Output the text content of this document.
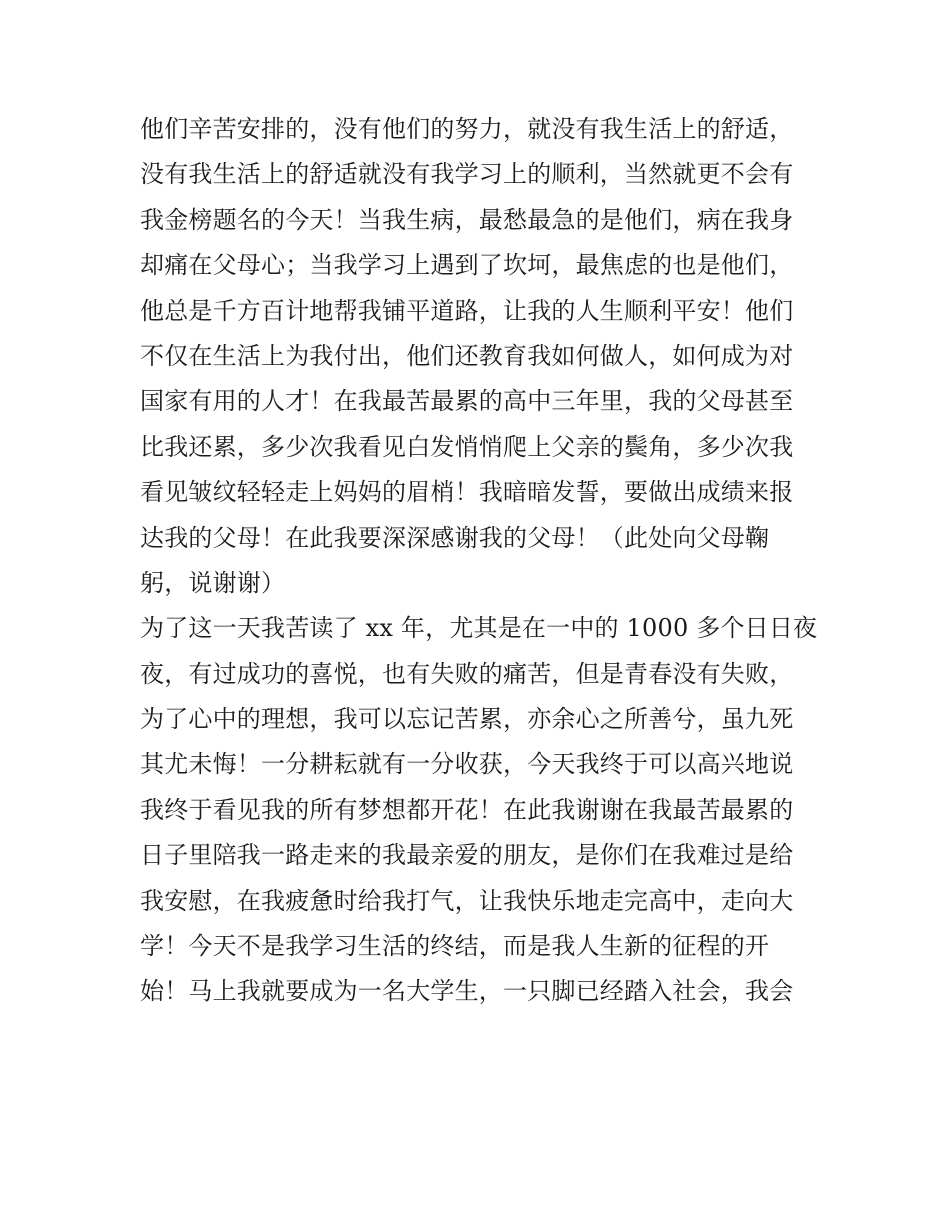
他们辛苦安排的，没有他们的努力，就没有我生活上的舒适，
没有我生活上的舒适就没有我学习上的顺利，当然就更不会有
我金榜题名的今天！当我生病，最愁最急的是他们，病在我身
却痛在父母心；当我学习上遇到了坎坷，最焦虑的也是他们，
他总是千方百计地帮我铺平道路，让我的人生顺利平安！他们
不仅在生活上为我付出，他们还教育我如何做人，如何成为对
国家有用的人才！在我最苦最累的高中三年里，我的父母甚至
比我还累，多少次我看见白发悄悄爬上父亲的鬓角，多少次我
看见皱纹轻轻走上妈妈的眉梢！我暗暗发誓，要做出成绩来报
达我的父母！在此我要深深感谢我的父母！（此处向父母鞠
躬，说谢谢）
为了这一天我苦读了 xx 年，尤其是在一中的 1000 多个日日夜
夜，有过成功的喜悦，也有失败的痛苦，但是青春没有失败，
为了心中的理想，我可以忘记苦累，亦余心之所善兮，虽九死
其尤未悔！一分耕耘就有一分收获，今天我终于可以高兴地说
我终于看见我的所有梦想都开花！在此我谢谢在我最苦最累的
日子里陪我一路走来的我最亲爱的朋友，是你们在我难过是给
我安慰，在我疲惫时给我打气，让我快乐地走完高中，走向大
学！今天不是我学习生活的终结，而是我人生新的征程的开
始！马上我就要成为一名大学生，一只脚已经踏入社会，我会
